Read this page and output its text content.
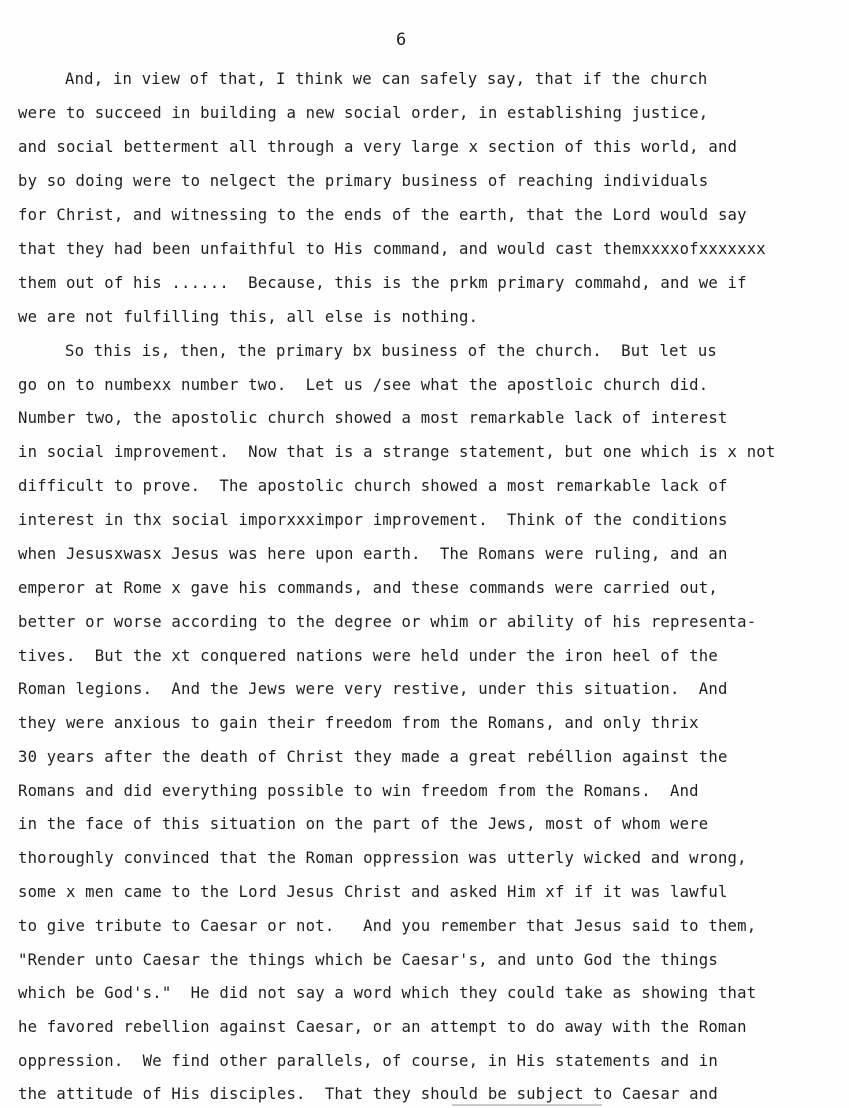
6
And, in view of that, I think we can safely say, that if the church
were to succeed in building a new social order, in establishing justice,
and social betterment all through a very large x section of this world, and
by so doing were to nelgect the primary business of reaching individuals
for Christ, and witnessing to the ends of the earth, that the Lord would say
that they had been unfaithful to His command, and would cast themxxxxofxxxxxxx
them out of his ......  Because, this is the prkm primary commahd, and we if
we are not fulfilling this, all else is nothing.
So this is, then, the primary bx business of the church.  But let us
go on to numbexx number two.  Let us /see what the apostloic church did.
Number two, the apostolic church showed a most remarkable lack of interest
in social improvement.  Now that is a strange statement, but one which is x not
difficult to prove.  The apostolic church showed a most remarkable lack of
interest in thx social imporxxximpor improvement.  Think of the conditions
when Jesusxwasx Jesus was here upon earth.  The Romans were ruling, and an
emperor at Rome x gave his commands, and these commands were carried out,
better or worse according to the degree or whim or ability of his representa-
tives.  But the xt conquered nations were held under the iron heel of the
Roman legions.  And the Jews were very restive, under this situation.  And
they were anxious to gain their freedom from the Romans, and only thrix
30 years after the death of Christ they made a great rebéllion against the
Romans and did everything possible to win freedom from the Romans.  And
in the face of this situation on the part of the Jews, most of whom were
thoroughly convinced that the Roman oppression was utterly wicked and wrong,
some x men came to the Lord Jesus Christ and asked Him xf if it was lawful
to give tribute to Caesar or not.   And you remember that Jesus said to them,
"Render unto Caesar the things which be Caesar's, and unto God the things
which be God's."  He did not say a word which they could take as showing that
he favored rebellion against Caesar, or an attempt to do away with the Roman
oppression.  We find other parallels, of course, in His statements and in
the attitude of His disciples.  That they should be subject to Caesar and
